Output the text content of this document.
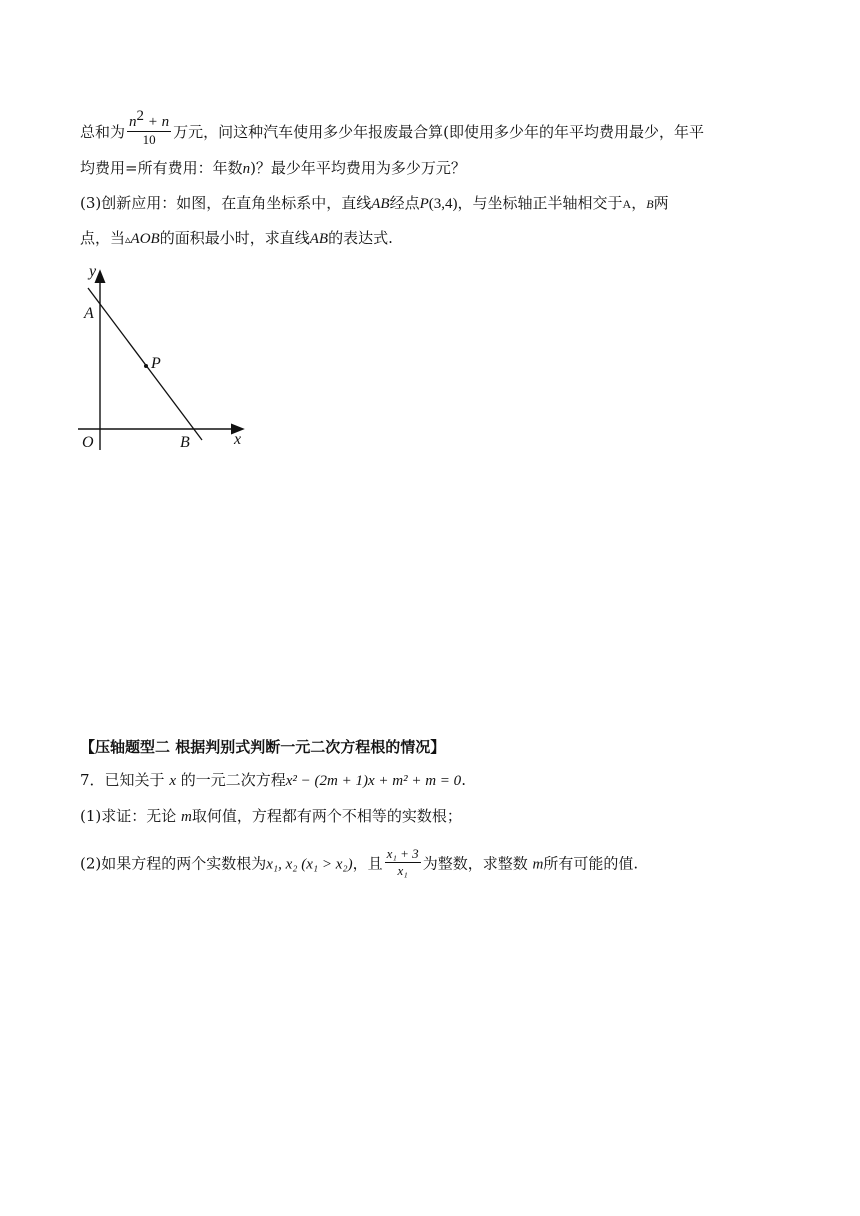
总和为 $\frac{n^2 + n}{10}$ 万元，问这种汽车使用多少年报废最合算(即使用多少年的年平均费用最少，年平
均费用=所有费用：年数n)？最少年平均费用为多少万元？
(3)创新应用：如图，在直角坐标系中，直线AB经点P(3,4)，与坐标轴正半轴相交于A，B两
点，当▵AOB的面积最小时，求直线AB的表达式.
y
x
A
P
O	B
【压轴题型二 根据判别式判断一元二次方程根的情况】
7．已知关于 x 的一元二次方程x² − (2m + 1)x + m² + m = 0.
(1)求证：无论 m取何值，方程都有两个不相等的实数根；
(2)如果方程的两个实数根为x₁, x₂ (x₁ > x₂)，且 $\frac{\text{x₁ + 3}}{\text{x₁}}$ 为整数，求整数 m所有可能的值.
